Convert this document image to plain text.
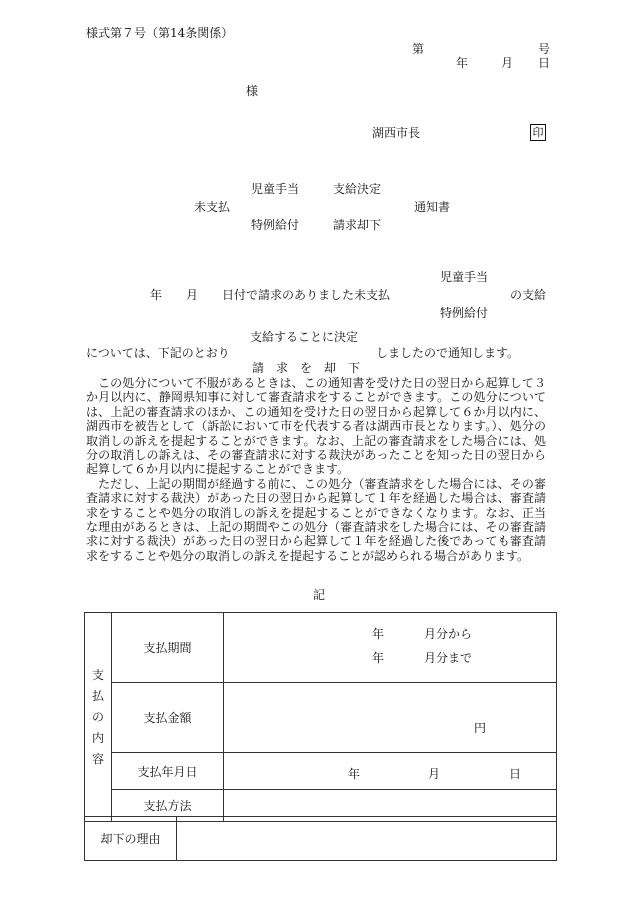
様式第７号（第14条関係）
第	号
年	月 日
様
湖西市長	印
児童手当	支給決定
未支払	通知書
特例給付	請求却下
児童手当
年　　月　　日付で請求のありました未支払	の支給
特例給付
支給することに決定
については、下記のとおり	しましたので通知します。
請　求　を　却　下

この処分について不服があるときは、この通知書を受けた日の翌日から起算して３か月以内に、静岡県知事に対して審査請求をすることができます。この処分については、上記の審査請求のほか、この通知を受けた日の翌日から起算して６か月以内に、湖西市を被告として（訴訟において市を代表する者は湖西市長となります。）、処分の取消しの訴えを提起することができます。なお、上記の審査請求をした場合には、処分の取消しの訴えは、その審査請求に対する裁決があったことを知った日の翌日から起算して６か月以内に提起することができます。

ただし、上記の期間が経過する前に、この処分（審査請求をした場合には、その審査請求に対する裁決）があった日の翌日から起算して１年を経過した場合は、審査請求をすることや処分の取消しの訴えを提起することができなくなります。なお、正当な理由があるときは、上記の期間やこの処分（審査請求をした場合には、その審査請求に対する裁決）があった日の翌日から起算して１年を経過した後であっても審査請求をすることや処分の取消しの訴えを提起することが認められる場合があります。

記
支
払
の
内
容	支払期間	年 月分から
年 月分まで

	支払金額	円

	支払年月日	年 月 日

	支払方法	
却下の理由	
